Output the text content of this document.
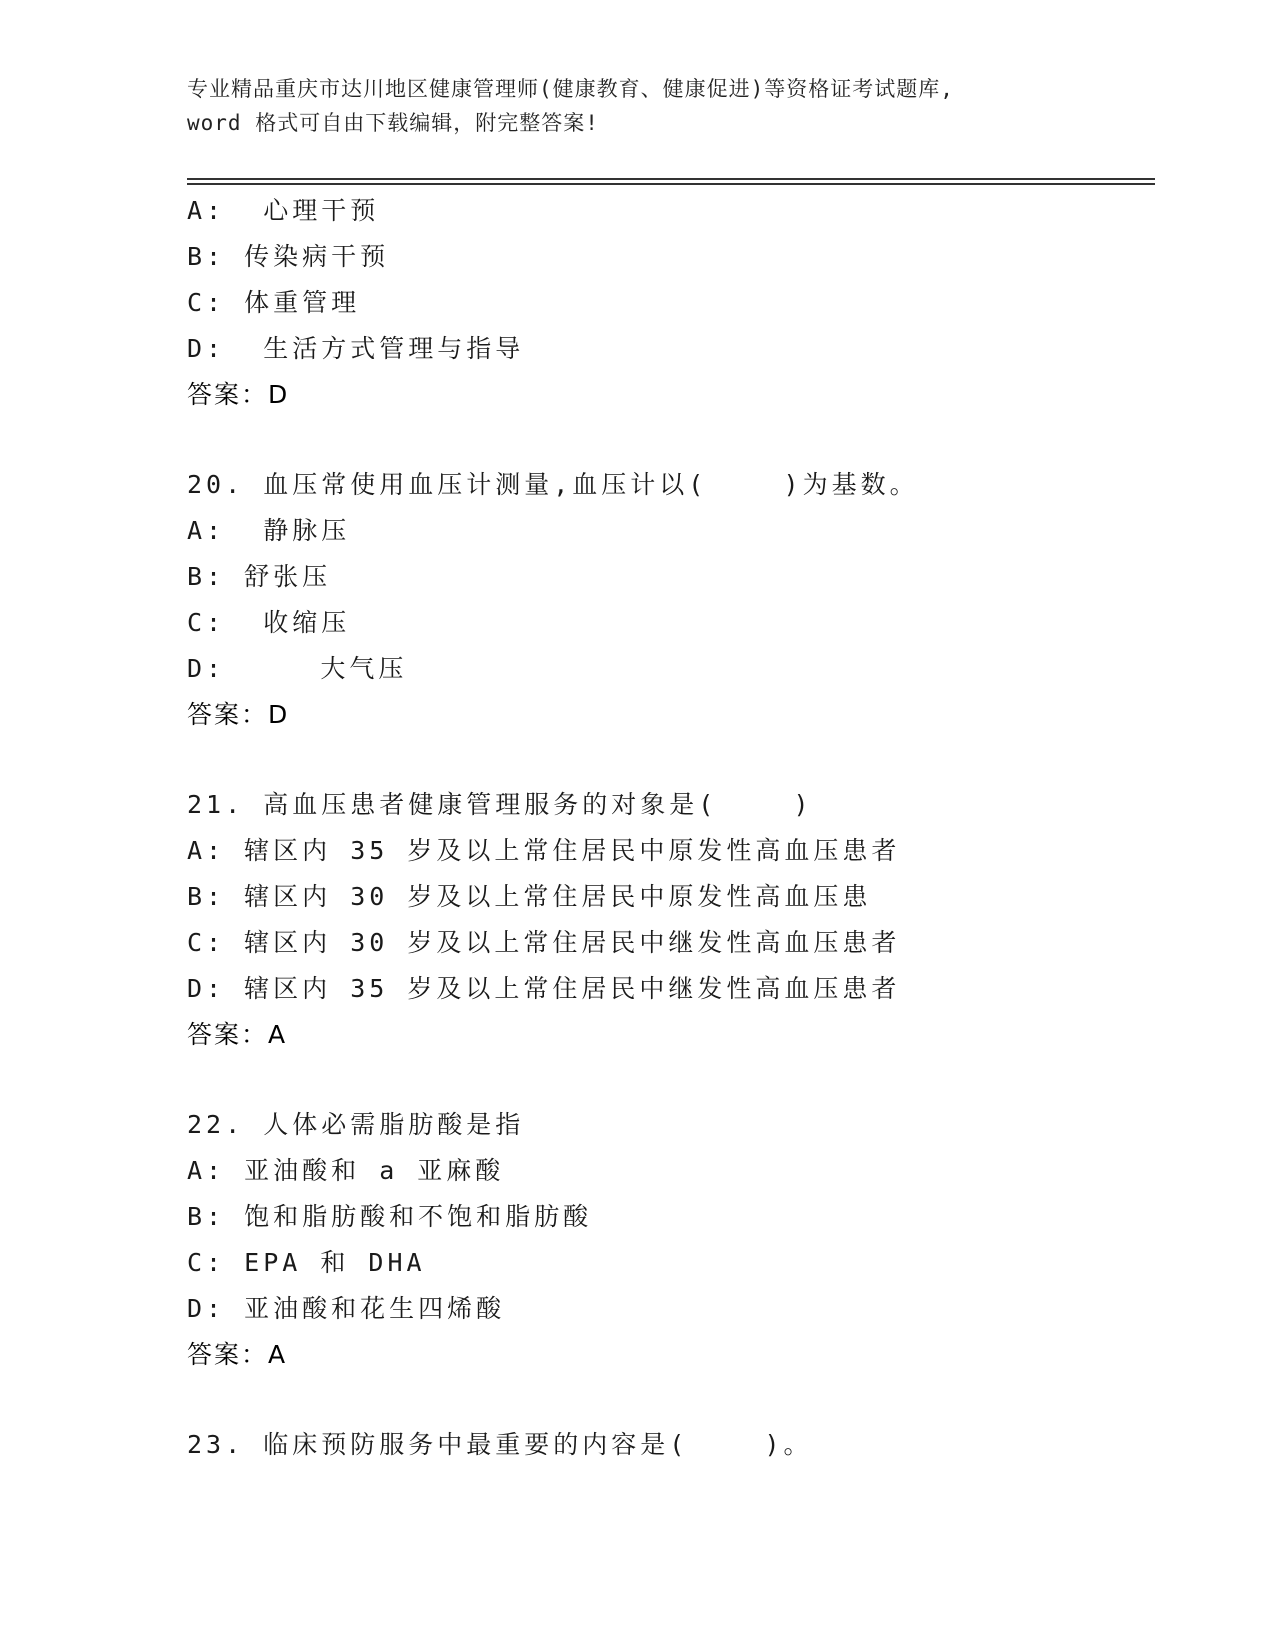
专业精品重庆市达川地区健康管理师(健康教育、健康促进)等资格证考试题库,
word 格式可自由下载编辑，附完整答案!
A:  心理干预
B: 传染病干预
C: 体重管理
D:  生活方式管理与指导
答案：D
20. 血压常使用血压计测量,血压计以(    )为基数。
A:  静脉压
B: 舒张压
C:  收缩压
D:     大气压
答案：D
21. 高血压患者健康管理服务的对象是(    )
A: 辖区内 35 岁及以上常住居民中原发性高血压患者
B: 辖区内 30 岁及以上常住居民中原发性高血压患
C: 辖区内 30 岁及以上常住居民中继发性高血压患者
D: 辖区内 35 岁及以上常住居民中继发性高血压患者
答案：A
22. 人体必需脂肪酸是指
A: 亚油酸和 a 亚麻酸
B: 饱和脂肪酸和不饱和脂肪酸
C: EPA 和 DHA
D: 亚油酸和花生四烯酸
答案：A
23. 临床预防服务中最重要的内容是(    )。
